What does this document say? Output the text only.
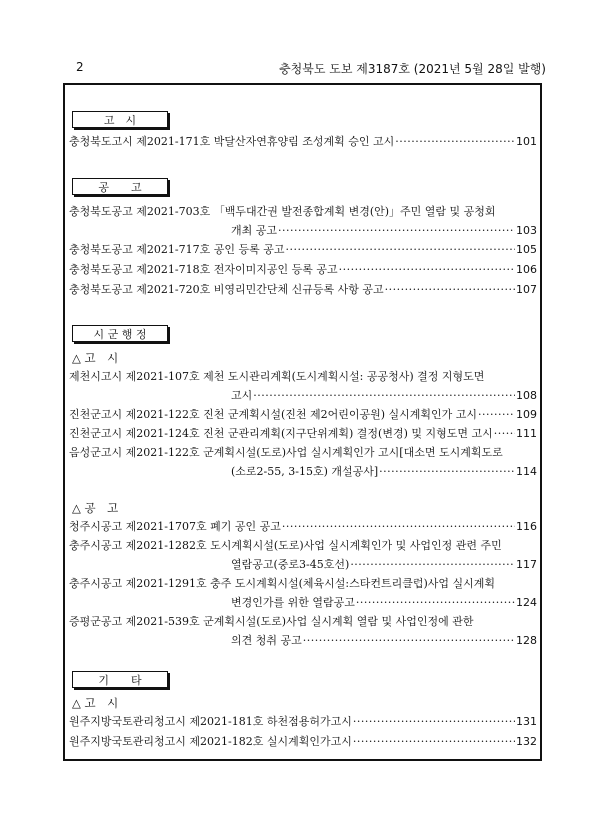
2	충청북도 도보 제3187호 (2021년 5월 28일 발행)
고　시
충청북도고시 제2021-171호 박달산자연휴양림 조성계획 승인 고시 ·····	101
공　　고
충청북도공고 제2021-703호 「백두대간권 발전종합계획 변경(안)」주민 열람 및 공청회
개최 공고 ·····	103
충청북도공고 제2021-717호 공인 등록 공고 ·····	105
충청북도공고 제2021-718호 전자이미지공인 등록 공고 ·····	106
충청북도공고 제2021-720호 비영리민간단체 신규등록 사항 공고 ·····	107
시 군 행 정
△ 고　시
제천시고시 제2021-107호 제천 도시관리계획(도시계획시설: 공공청사) 결정 지형도면
고시 ·····	108
진천군고시 제2021-122호 진천 군계획시설(진천 제2어린이공원) 실시계획인가 고시 ·····	109
진천군고시 제2021-124호 진천 군관리계획(지구단위계획) 결정(변경) 및 지형도면 고시 ····· 111
음성군고시 제2021-122호 군계획시설(도로)사업 실시계획인가 고시[대소면 도시계획도로
(소로2-55, 3-15호) 개설공사] ·····	114
△ 공　고
청주시공고 제2021-1707호 폐기 공인 공고 ·····	116
충주시공고 제2021-1282호 도시계획시설(도로)사업 실시계획인가 및 사업인정 관련 주민
열람공고(중로3-45호선) ·····	117
충주시공고 제2021-1291호 충주 도시계획시설(체육시설:스타컨트리클럽)사업 실시계획
변경인가를 위한 열람공고 ·····	124
증평군공고 제2021-539호 군계획시설(도로)사업 실시계획 열람 및 사업인정에 관한
의견 청취 공고 ·····	128
기　　타
△ 고　시
원주지방국토관리청고시 제2021-181호 하천점용허가고시 ·····	131
원주지방국토관리청고시 제2021-182호 실시계획인가고시 ·····	132
